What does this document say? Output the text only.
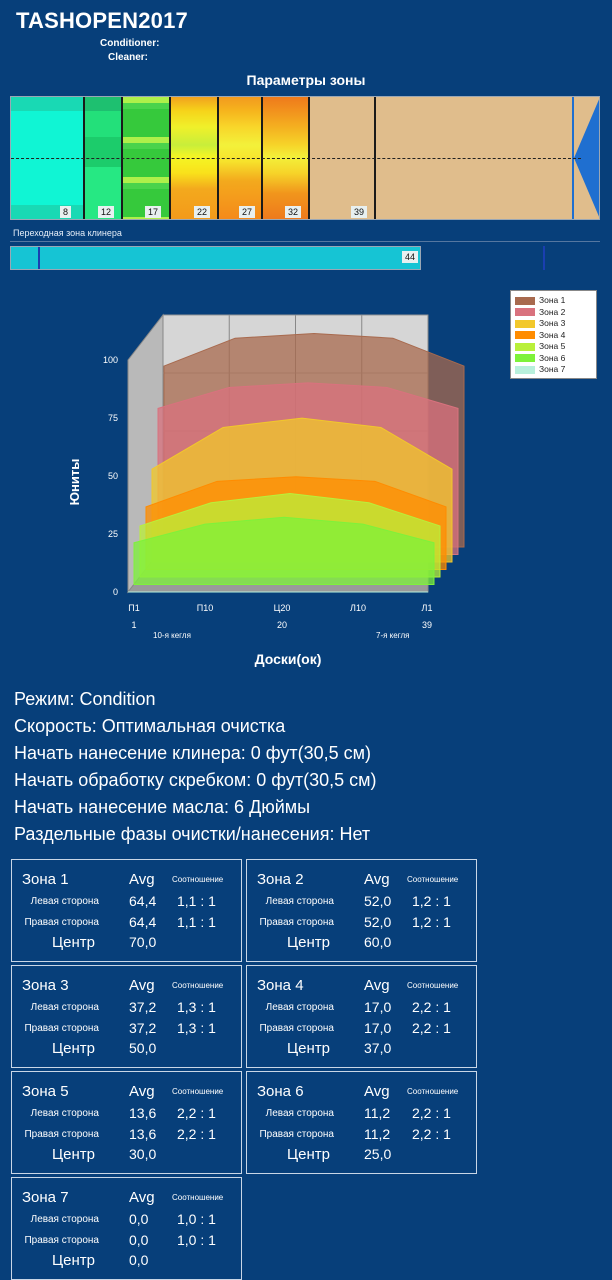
TASHOPEN2017
Conditioner:
Cleaner:
Параметры зоны
8	12	17	22	27	32	39
Переходная зона клинера
44
100
75
50
25
0
П1	П10	Ц20	Л10	Л1
1	20	39
10-я кегля	7-я кегля
Юниты
Доски(ок)
Зона 1
Зона 2
Зона 3
Зона 4
Зона 5
Зона 6
Зона 7
Режим: Condition
Скорость: Оптимальная очистка
Начать нанесение клинера: 0 фут(30,5 см)
Начать обработку скребком: 0 фут(30,5 см)
Начать нанесение масла: 6 Дюймы
Раздельные фазы очистки/нанесения: Нет
Зона 1	Avg Соотношение
Левая сторона 64,4 1,1 : 1
Правая сторона 64,4 1,1 : 1
Центр 70,0
Зона 2	Avg Соотношение
Левая сторона 52,0 1,2 : 1
Правая сторона 52,0 1,2 : 1
Центр 60,0
Зона 3	Avg Соотношение
Левая сторона 37,2 1,3 : 1
Правая сторона 37,2 1,3 : 1
Центр 50,0
Зона 4	Avg Соотношение
Левая сторона 17,0 2,2 : 1
Правая сторона 17,0 2,2 : 1
Центр 37,0
Зона 5	Avg Соотношение
Левая сторона 13,6 2,2 : 1
Правая сторона 13,6 2,2 : 1
Центр 30,0
Зона 6	Avg Соотношение
Левая сторона 11,2 2,2 : 1
Правая сторона 11,2 2,2 : 1
Центр 25,0
Зона 7	Avg Соотношение
Левая сторона 0,0 1,0 : 1
Правая сторона 0,0 1,0 : 1
Центр 0,0
